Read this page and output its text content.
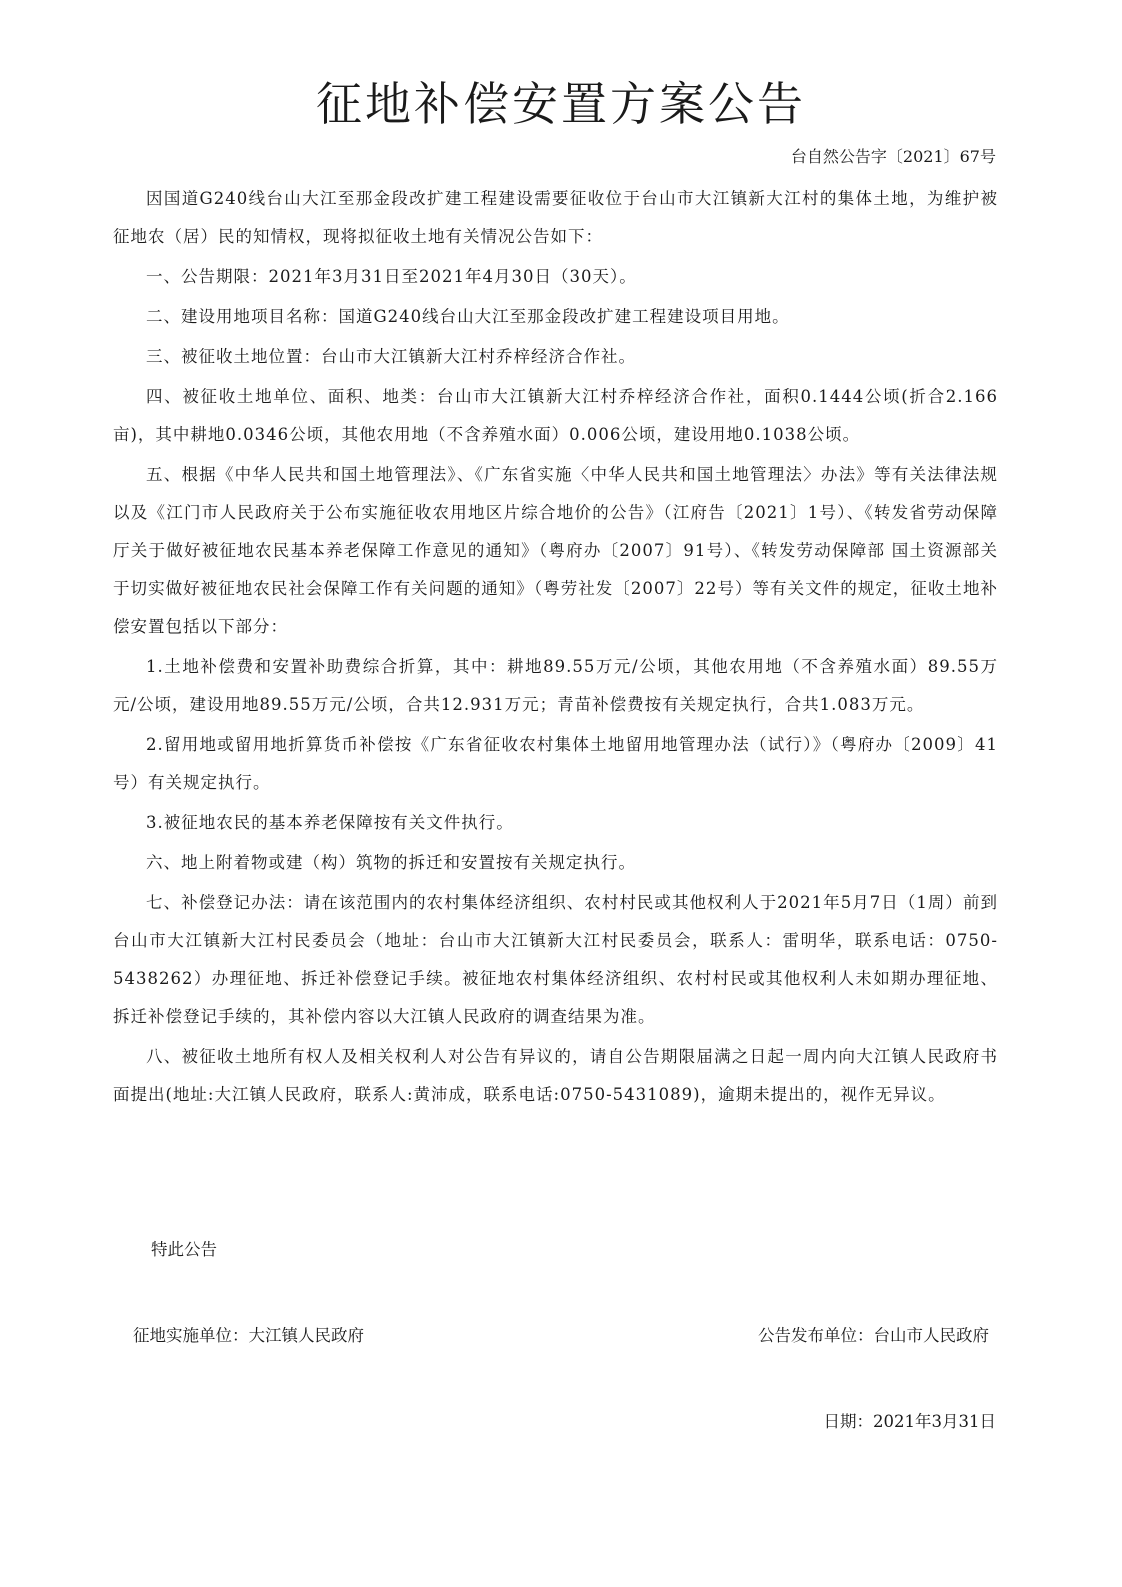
征地补偿安置方案公告
台自然公告字〔2021〕67号

因国道G240线台山大江至那金段改扩建工程建设需要征收位于台山市大江镇新大江村的集体土地，为维护被征地农（居）民的知情权，现将拟征收土地有关情况公告如下：

一、公告期限：2021年3月31日至2021年4月30日（30天）。

二、建设用地项目名称：国道G240线台山大江至那金段改扩建工程建设项目用地。

三、被征收土地位置：台山市大江镇新大江村乔梓经济合作社。

四、被征收土地单位、面积、地类：台山市大江镇新大江村乔梓经济合作社，面积0.1444公顷(折合2.166亩)，其中耕地0.0346公顷，其他农用地（不含养殖水面）0.006公顷，建设用地0.1038公顷。

五、根据《中华人民共和国土地管理法》、《广东省实施〈中华人民共和国土地管理法〉办法》等有关法律法规以及《江门市人民政府关于公布实施征收农用地区片综合地价的公告》（江府告〔2021〕1号）、《转发省劳动保障厅关于做好被征地农民基本养老保障工作意见的通知》（粤府办〔2007〕91号）、《转发劳动保障部 国土资源部关于切实做好被征地农民社会保障工作有关问题的通知》（粤劳社发〔2007〕22号）等有关文件的规定，征收土地补偿安置包括以下部分：

1.土地补偿费和安置补助费综合折算，其中：耕地89.55万元/公顷，其他农用地（不含养殖水面）89.55万元/公顷，建设用地89.55万元/公顷，合共12.931万元；青苗补偿费按有关规定执行，合共1.083万元。

2.留用地或留用地折算货币补偿按《广东省征收农村集体土地留用地管理办法（试行）》（粤府办〔2009〕41号）有关规定执行。

3.被征地农民的基本养老保障按有关文件执行。

六、地上附着物或建（构）筑物的拆迁和安置按有关规定执行。

七、补偿登记办法：请在该范围内的农村集体经济组织、农村村民或其他权利人于2021年5月7日（1周）前到台山市大江镇新大江村民委员会（地址：台山市大江镇新大江村民委员会，联系人：雷明华，联系电话：0750-5438262）办理征地、拆迁补偿登记手续。被征地农村集体经济组织、农村村民或其他权利人未如期办理征地、拆迁补偿登记手续的，其补偿内容以大江镇人民政府的调查结果为准。

八、被征收土地所有权人及相关权利人对公告有异议的，请自公告期限届满之日起一周内向大江镇人民政府书面提出(地址:大江镇人民政府，联系人:黄沛成，联系电话:0750-5431089)，逾期未提出的，视作无异议。

特此公告
征地实施单位：大江镇人民政府	公告发布单位：台山市人民政府
日期：2021年3月31日
